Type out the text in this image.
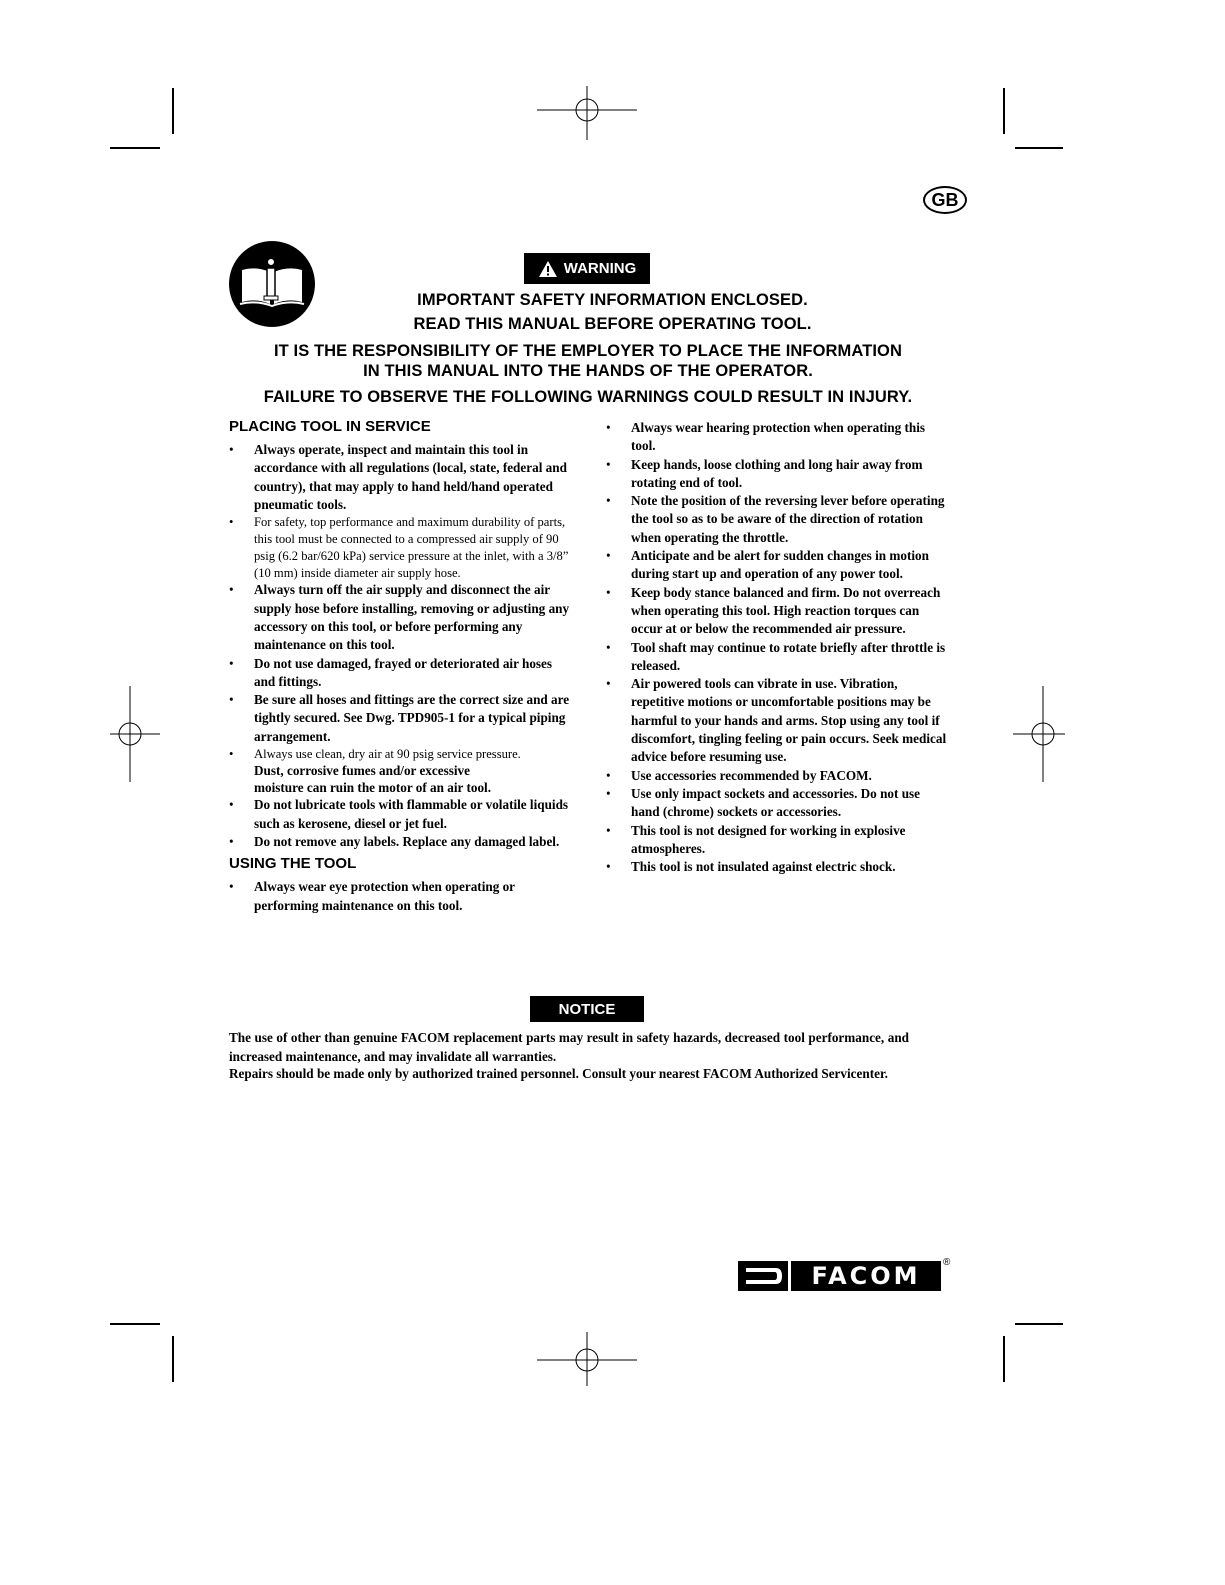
GB
WARNING
IMPORTANT SAFETY INFORMATION ENCLOSED.
READ THIS MANUAL BEFORE OPERATING TOOL.
IT IS THE RESPONSIBILITY OF THE EMPLOYER TO PLACE THE INFORMATION
IN THIS MANUAL INTO THE HANDS OF THE OPERATOR.
FAILURE TO OBSERVE THE FOLLOWING WARNINGS COULD RESULT IN INJURY.
PLACING TOOL IN SERVICE
• Always operate, inspect and maintain this tool in accordance with all regulations (local, state, federal and country), that may apply to hand held/hand operated pneumatic tools.
• For safety, top performance and maximum durability of parts, this tool must be connected to a compressed air supply of 90 psig (6.2 bar/620 kPa) service pressure at the inlet, with a 3/8” (10 mm) inside diameter air supply hose.
• Always turn off the air supply and disconnect the air supply hose before installing, removing or adjusting any accessory on this tool, or before performing any maintenance on this tool.
• Do not use damaged, frayed or deteriorated air hoses and fittings.
• Be sure all hoses and fittings are the correct size and are tightly secured. See Dwg. TPD905-1 for a typical piping arrangement.
• Always use clean, dry air at 90 psig service pressure.
Dust, corrosive fumes and/or excessive
moisture can ruin the motor of an air tool.
• Do not lubricate tools with flammable or volatile liquids such as kerosene, diesel or jet fuel.
• Do not remove any labels. Replace any damaged label.
USING THE TOOL
• Always wear eye protection when operating or performing maintenance on this tool.
• Always wear hearing protection when operating this tool.
• Keep hands, loose clothing and long hair away from rotating end of tool.
• Note the position of the reversing lever before operating the tool so as to be aware of the direction of rotation when operating the throttle.
• Anticipate and be alert for sudden changes in motion during start up and operation of any power tool.
• Keep body stance balanced and firm. Do not overreach when operating this tool. High reaction torques can occur at or below the recommended air pressure.
• Tool shaft may continue to rotate briefly after throttle is released.
• Air powered tools can vibrate in use. Vibration, repetitive motions or uncomfortable positions may be harmful to your hands and arms. Stop using any tool if discomfort, tingling feeling or pain occurs. Seek medical advice before resuming use.
• Use accessories recommended by FACOM.
• Use only impact sockets and accessories. Do not use hand (chrome) sockets or accessories.
• This tool is not designed for working in explosive atmospheres.
• This tool is not insulated against electric shock.
NOTICE
The use of other than genuine FACOM replacement parts may result in safety hazards, decreased tool performance, and increased maintenance, and may invalidate all warranties.
Repairs should be made only by authorized trained personnel. Consult your nearest FACOM Authorized Servicenter.
FACOM ®
